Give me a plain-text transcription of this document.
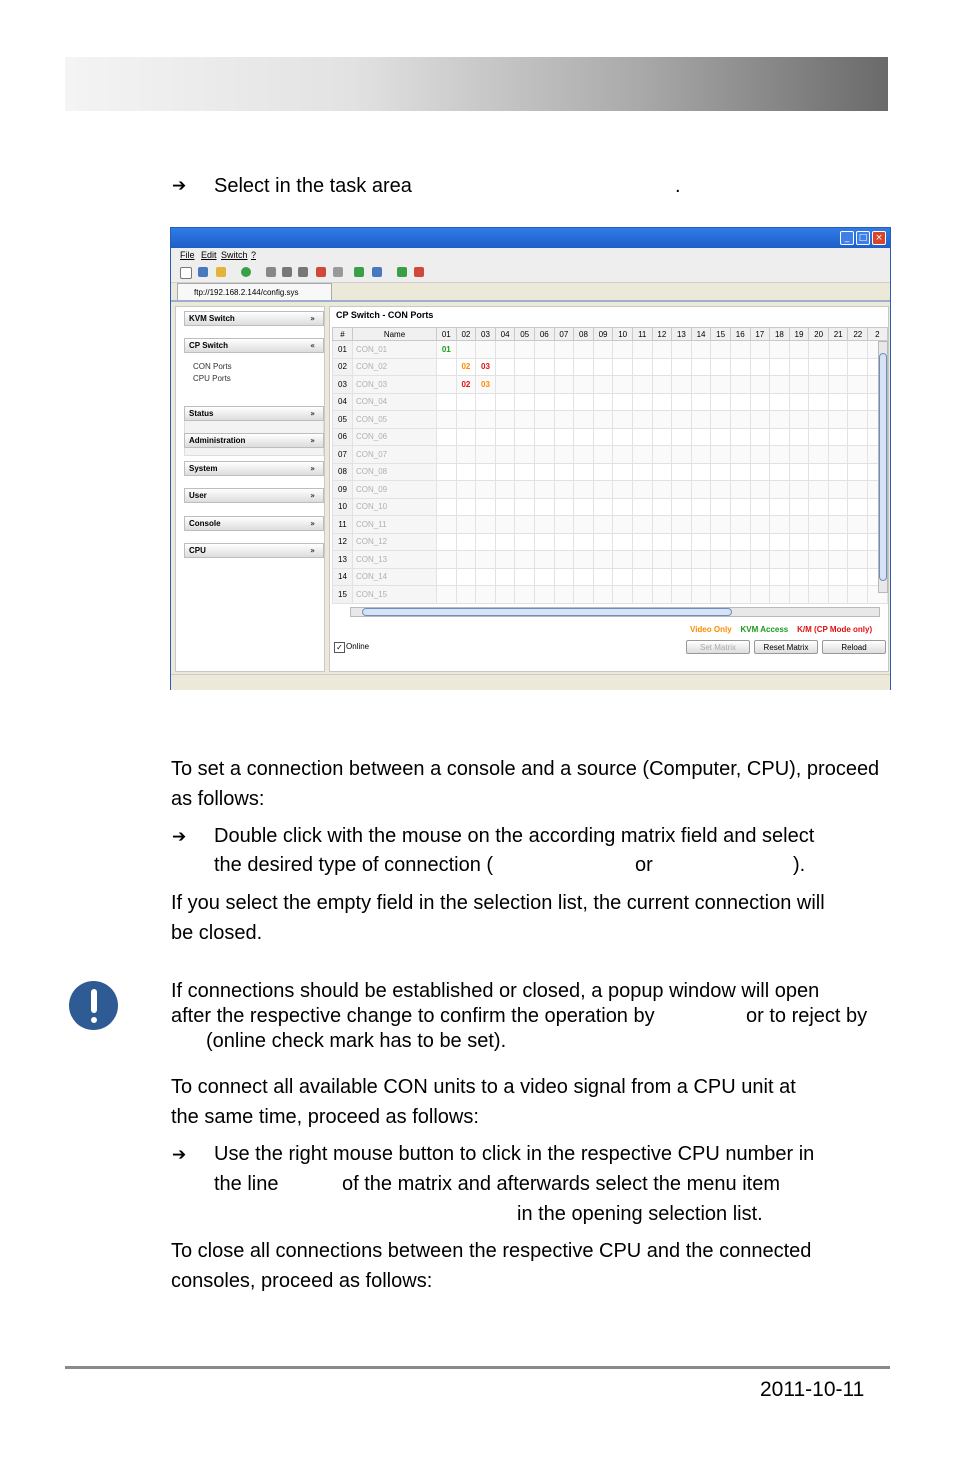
➔ Select in the task area	.
_	□ ×
File Edit Switch ?
ftp://192.168.2.144/config.sys
KVM Switch	»
CP Switch	«
CON Ports
CPU Ports
Status	»
Administration	»
System	»
User	»
Console	»
CPU	»
CP Switch - CON Ports
#	Name	01	02	03	04	05	06	07	08	09	10	11	12	13	14	15	16	17	18	19	20	21	22	2
01	CON_01	01																						
02	CON_02		02	03																				
03	CON_03		02	03																				
04	CON_04																							
05	CON_05																							
06	CON_06																							
07	CON_07																							
08	CON_08																							
09	CON_09																							
10	CON_10																							
11	CON_11																							
12	CON_12																							
13	CON_13																							
14	CON_14																							
15	CON_15																							
Video Only KVM Access K/M (CP Mode only)
✓ Online	Set Matrix	Reset Matrix	Reload
To set a connection between a console and a source (Computer, CPU), proceed as follows:
➔ Double click with the mouse on the according matrix field and select
the desired type of connection (	or	).
If you select the empty field in the selection list, the current connection will
be closed.
If connections should be established or closed, a popup window will open
after the respective change to confirm the operation by	or to reject by
(online check mark has to be set).
To connect all available CON units to a video signal from a CPU unit at
the same time, proceed as follows:
➔ Use the right mouse button to click in the respective CPU number in
the line	of the matrix and afterwards select the menu item
in the opening selection list.
To close all connections between the respective CPU and the connected
consoles, proceed as follows:
2011-10-11
